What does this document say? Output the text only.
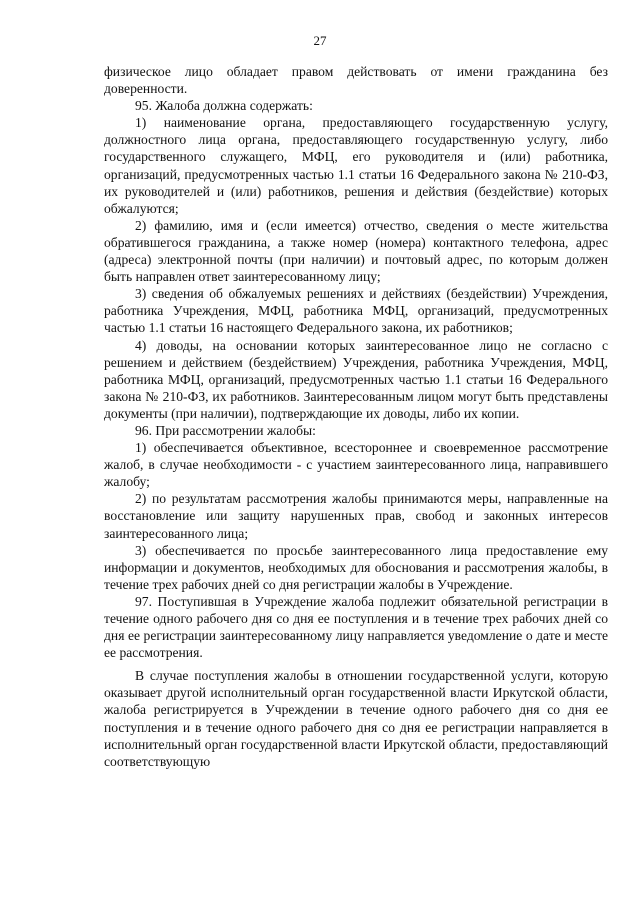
27

физическое лицо обладает правом действовать от имени гражданина без доверенности.

95. Жалоба должна содержать:

1) наименование органа, предоставляющего государственную услугу, должностного лица органа, предоставляющего государственную услугу, либо государственного служащего, МФЦ, его руководителя и (или) работника, организаций, предусмотренных частью 1.1 статьи 16 Федерального закона № 210-ФЗ, их руководителей и (или) работников, решения и действия (бездействие) которых обжалуются;

2) фамилию, имя и (если имеется) отчество, сведения о месте жительства обратившегося гражданина, а также номер (номера) контактного телефона, адрес (адреса) электронной почты (при наличии) и почтовый адрес, по которым должен быть направлен ответ заинтересованному лицу;

3) сведения об обжалуемых решениях и действиях (бездействии) Учреждения, работника Учреждения, МФЦ, работника МФЦ, организаций, предусмотренных частью 1.1 статьи 16 настоящего Федерального закона, их работников;

4) доводы, на основании которых заинтересованное лицо не согласно с решением и действием (бездействием) Учреждения, работника Учреждения, МФЦ, работника МФЦ, организаций, предусмотренных частью 1.1 статьи 16 Федерального закона № 210-ФЗ, их работников. Заинтересованным лицом могут быть представлены документы (при наличии), подтверждающие их доводы, либо их копии.

96. При рассмотрении жалобы:

1) обеспечивается объективное, всестороннее и своевременное рассмотрение жалоб, в случае необходимости - с участием заинтересованного лица, направившего жалобу;

2) по результатам рассмотрения жалобы принимаются меры, направленные на восстановление или защиту нарушенных прав, свобод и законных интересов заинтересованного лица;

3) обеспечивается по просьбе заинтересованного лица предоставление ему информации и документов, необходимых для обоснования и рассмотрения жалобы, в течение трех рабочих дней со дня регистрации жалобы в Учреждение.

97. Поступившая в Учреждение жалоба подлежит обязательной регистрации в течение одного рабочего дня со дня ее поступления и в течение трех рабочих дней со дня ее регистрации заинтересованному лицу направляется уведомление о дате и месте ее рассмотрения.

В случае поступления жалобы в отношении государственной услуги, которую оказывает другой исполнительный орган государственной власти Иркутской области, жалоба регистрируется в Учреждении в течение одного рабочего дня со дня ее поступления и в течение одного рабочего дня со дня ее регистрации направляется в исполнительный орган государственной власти Иркутской области, предоставляющий соответствующую
